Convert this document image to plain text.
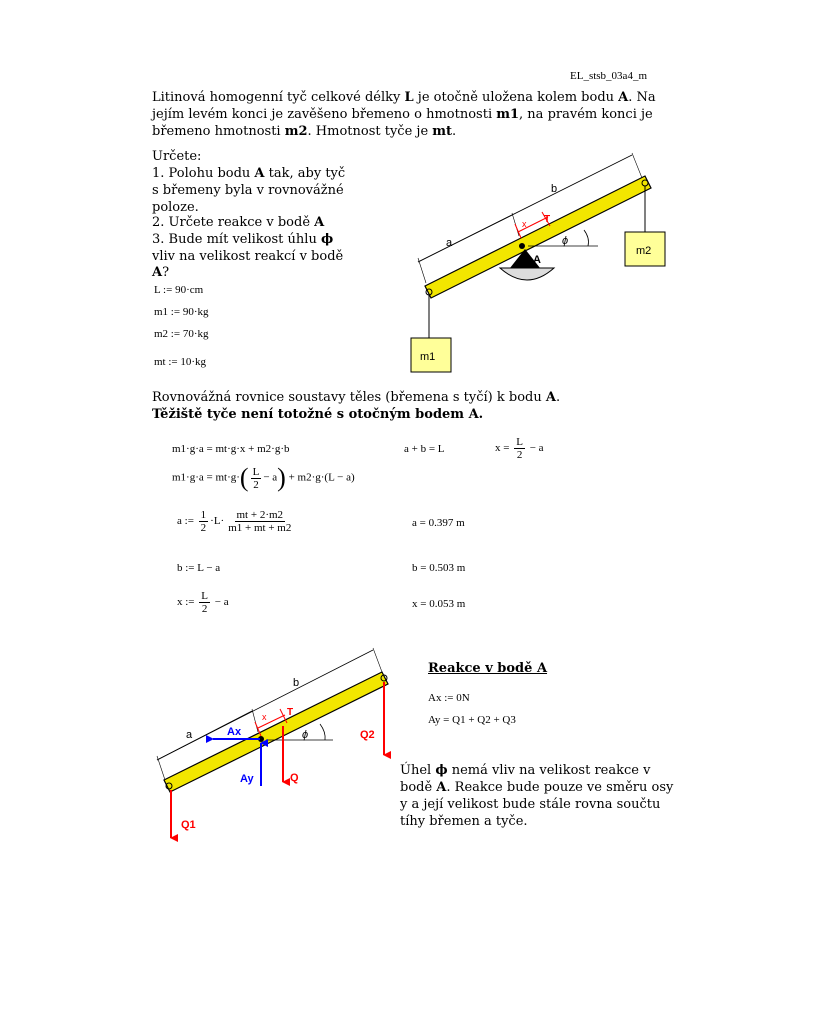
EL_stsb_03a4_m
Litinová homogenní tyč celkové délky L je otočně uložena kolem bodu A. Na
jejím levém konci je zavěšeno břemeno o hmotnosti m1, na pravém konci je
břemeno hmotnosti m2. Hmotnost tyče je mt.
Určete:
1. Polohu bodu A tak, aby tyč
s břemeny byla v rovnovážné
poloze.
2. Určete reakce v bodě A
3. Bude mít velikost úhlu ϕ
vliv na velikost reakcí v bodě
A?
L := 90·cm
m1 := 90·kg
m2 := 70·kg
mt := 10·kg
b
a
x T
ϕ
A
m1
m2
Rovnovážná rovnice soustavy těles (břemena s tyčí) k bodu A.
Těžiště tyče není totožné s otočným bodem A.
m1·g·a = mt·g·x + m2·g·b	a + b = L	$x = \frac{L}{2} - a$
$m1\cdot g\cdot a = mt\cdot g\cdot( \frac{L}{2} - a) + m2\cdot g\cdot(L - a)$
a := $\frac{1}{2} \cdot L\cdot \frac{mt + 2\cdot m2}{m1 + mt + m2}$	a = 0.397 m
b := L − a	b = 0.503 m
x := $\frac{L}{2} - a$	x = 0.053 m
b
a
x T
ϕ
Ax
Ay	Q
Q1
Q2
Reakce v bodě A
Ax := 0N
Ay = Q1 + Q2 + Q3
Úhel ϕ nemá vliv na velikost reakce v
bodě A. Reakce bude pouze ve směru osy
y a její velikost bude stále rovna součtu
tíhy břemen a tyče.
